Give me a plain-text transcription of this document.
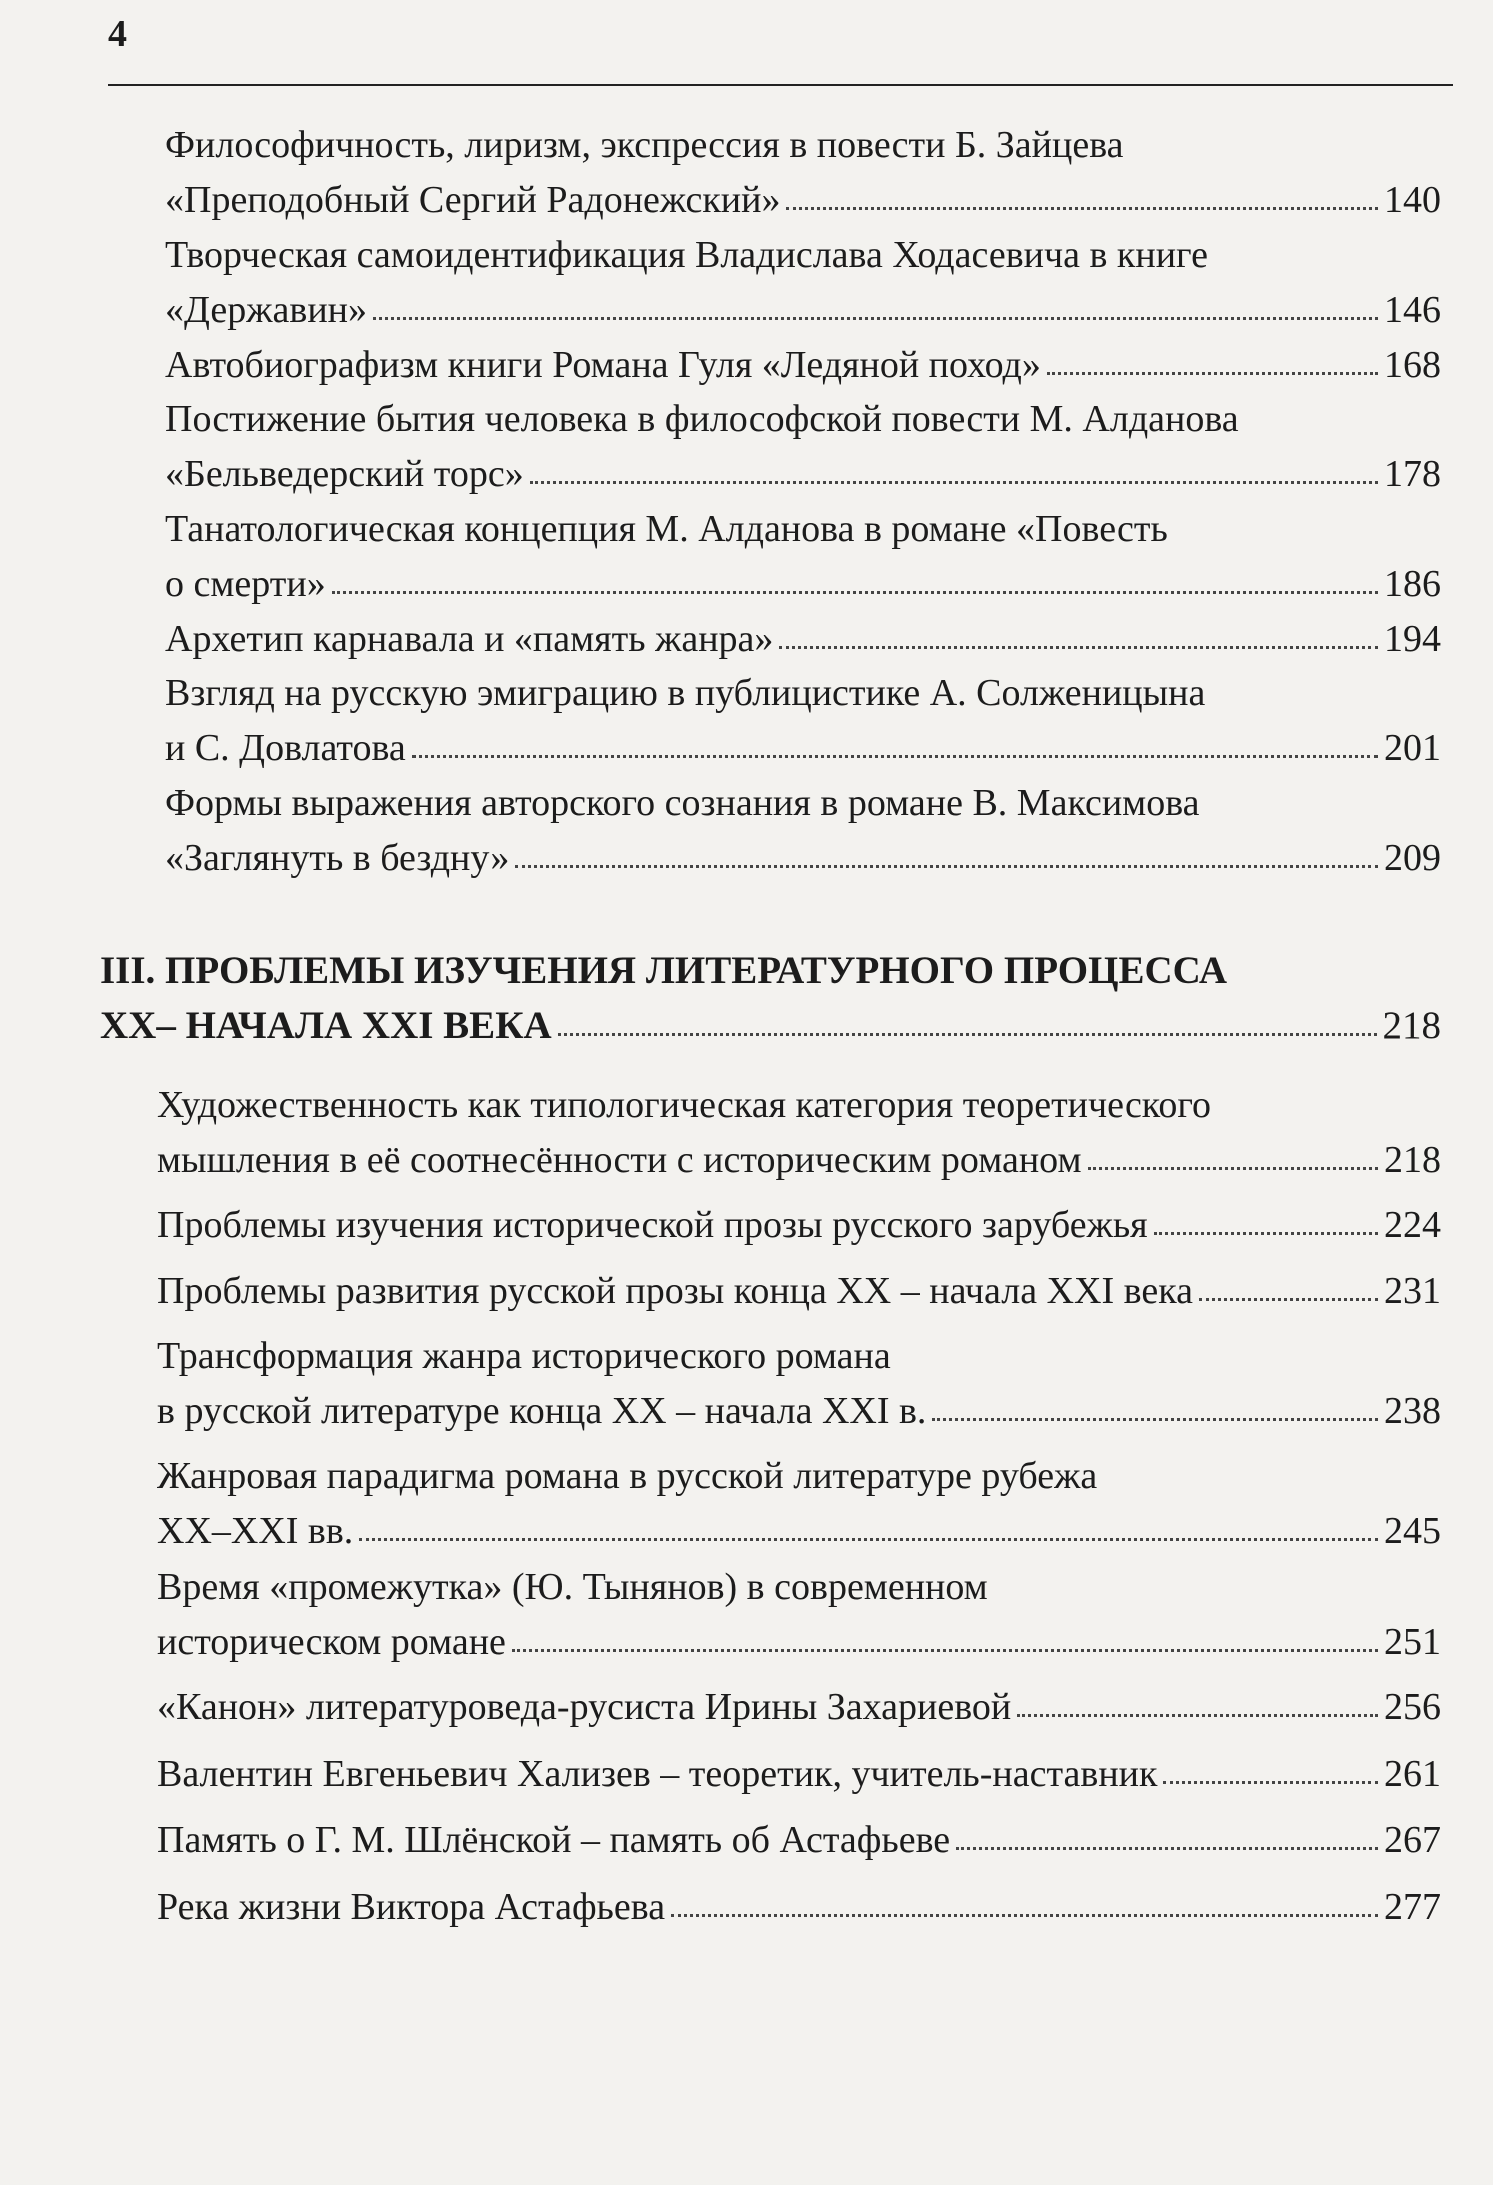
4
Философичность, лиризм, экспрессия в повести Б. Зайцева
«Преподобный Сергий Радонежский»	140
Творческая самоидентификация Владислава Ходасевича в книге
«Державин»	146
Автобиографизм книги Романа Гуля «Ледяной поход»	168
Постижение бытия человека в философской повести М. Алданова
«Бельведерский торс»	178
Танатологическая концепция М. Алданова в романе «Повесть
о смерти»	186
Архетип карнавала и «память жанра»	194
Взгляд на русскую эмиграцию в публицистике А. Солженицына
и С. Довлатова	201
Формы выражения авторского сознания в романе В. Максимова
«Заглянуть в бездну»	209
III. ПРОБЛЕМЫ ИЗУЧЕНИЯ ЛИТЕРАТУРНОГО ПРОЦЕССА
XX– НАЧАЛА XXI ВЕКА	218
Художественность как типологическая категория теоретического
мышления в её соотнесённости с историческим романом	218
Проблемы изучения исторической прозы русского зарубежья	224
Проблемы развития русской прозы конца XX – начала XXI века	231
Трансформация жанра исторического романа
в русской литературе конца XX – начала XXI в.	238
Жанровая парадигма романа в русской литературе рубежа
XX–XXI вв.	245
Время «промежутка» (Ю. Тынянов) в современном
историческом романе	251
«Канон» литературоведа-русиста Ирины Захариевой	256
Валентин Евгеньевич Хализев – теоретик, учитель-наставник	261
Память о Г. М. Шлёнской – память об Астафьеве	267
Река жизни Виктора Астафьева	277
